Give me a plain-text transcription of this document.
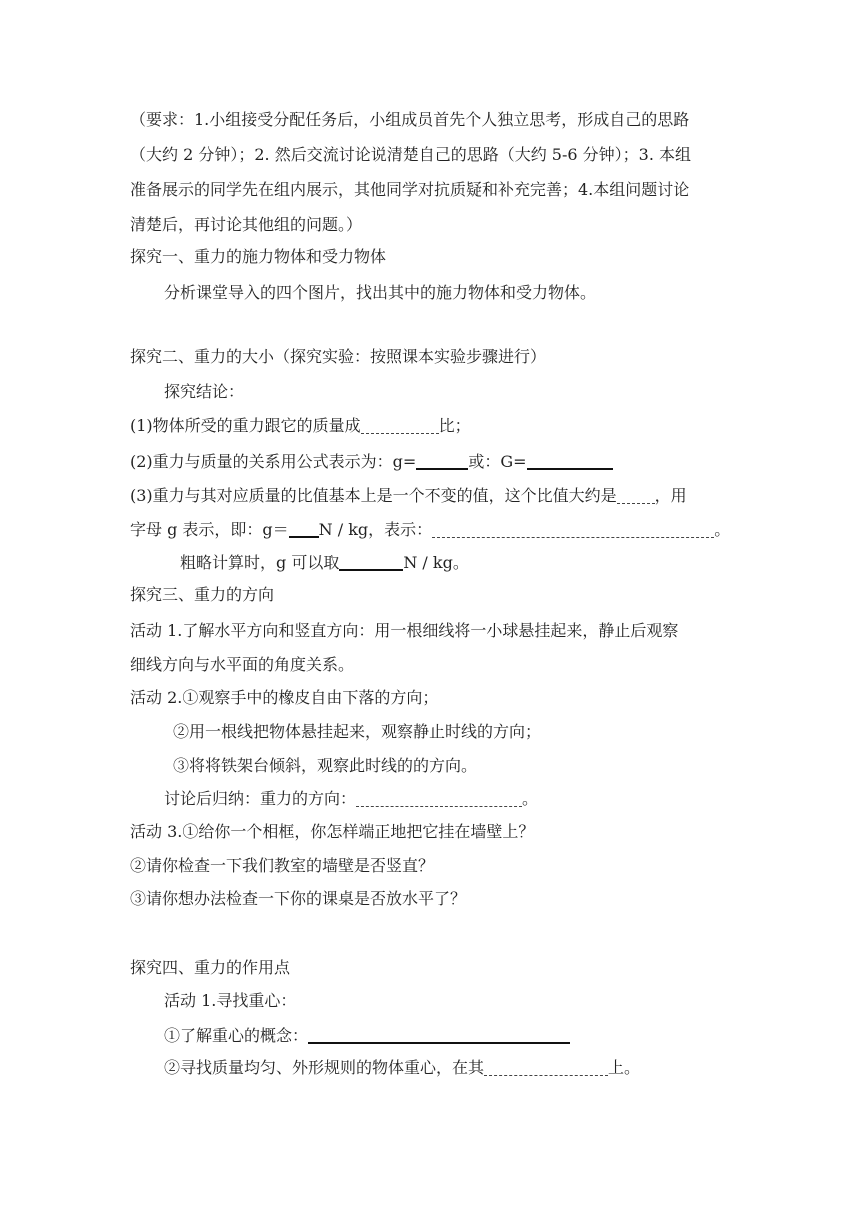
（要求：1.小组接受分配任务后，小组成员首先个人独立思考，形成自己的思路
（大约 2 分钟）；2. 然后交流讨论说清楚自己的思路（大约 5-6 分钟）；3. 本组
准备展示的同学先在组内展示，其他同学对抗质疑和补充完善；4.本组问题讨论
清楚后，再讨论其他组的问题。）
探究一、重力的施力物体和受力物体
分析课堂导入的四个图片，找出其中的施力物体和受力物体。
探究二、重力的大小（探究实验：按照课本实验步骤进行）
探究结论：
(1)物体所受的重力跟它的质量成	比；
(2)重力与质量的关系用公式表示为：g=	或：G=
(3)重力与其对应质量的比值基本上是一个不变的值，这个比值大约是 ，用
字母 g 表示，即：g＝ N / kg，表示：	。
粗略计算时，g 可以取	N / kg。
探究三、重力的方向
活动 1.了解水平方向和竖直方向：用一根细线将一小球悬挂起来，静止后观察
细线方向与水平面的角度关系。
活动 2.①观察手中的橡皮自由下落的方向；
②用一根线把物体悬挂起来，观察静止时线的方向；
③将将铁架台倾斜，观察此时线的的方向。
讨论后归纳：重力的方向：	。
活动 3.①给你一个相框，你怎样端正地把它挂在墙壁上？
②请你检查一下我们教室的墙壁是否竖直？
③请你想办法检查一下你的课桌是否放水平了？
探究四、重力的作用点
活动 1.寻找重心：
①了解重心的概念：
②寻找质量均匀、外形规则的物体重心，在其	上。
